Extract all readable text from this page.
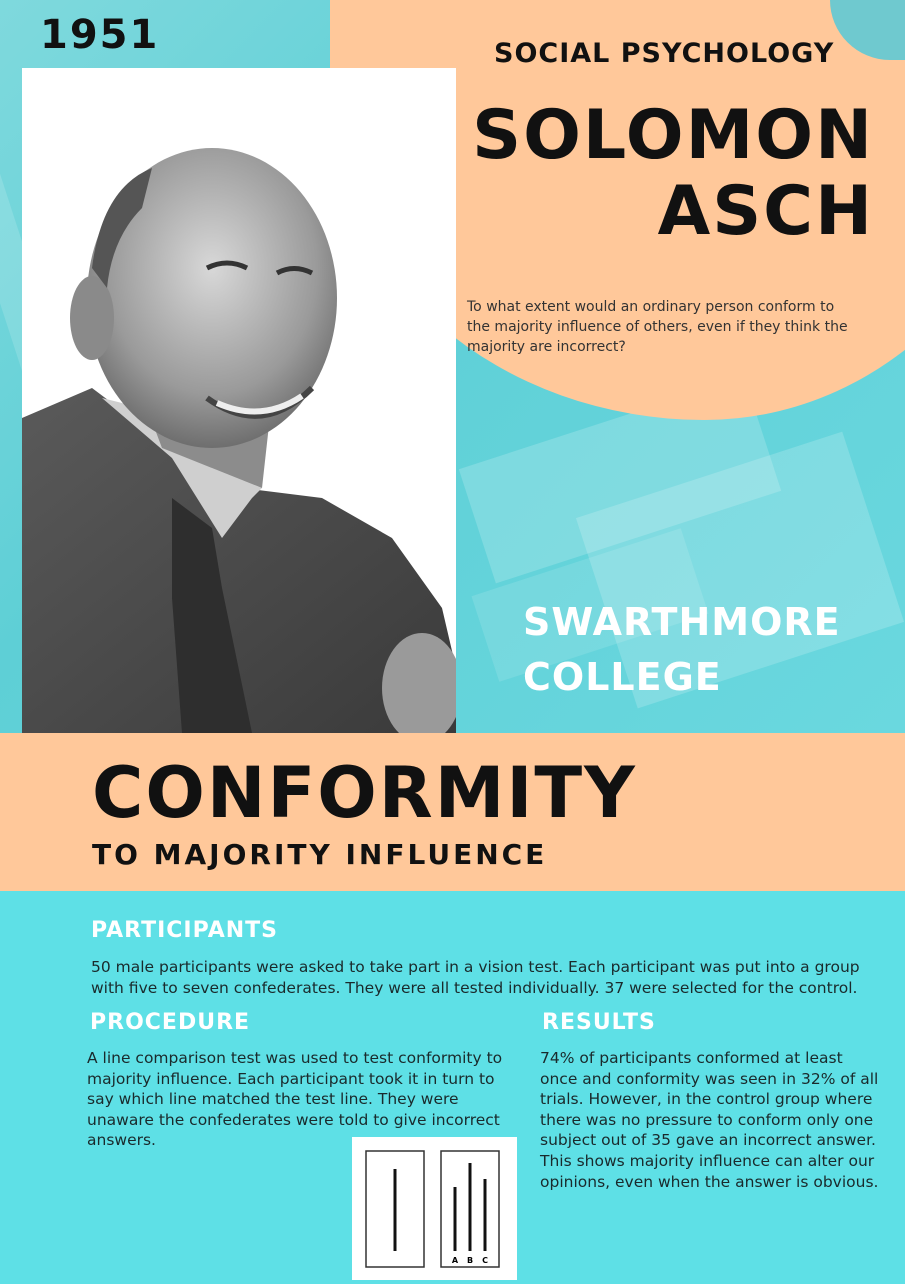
1951	SOCIAL PSYCHOLOGY
SOLOMON
ASCH
To what extent would an ordinary person conform to the majority influence of others, even if they think the majority are incorrect?
SWARTHMORE
COLLEGE
CONFORMITY
TO MAJORITY INFLUENCE
PARTICIPANTS
50 male participants were asked to take part in a vision test. Each participant was put into a group with five to seven confederates. They were all tested individually. 37 were selected for the control.
PROCEDURE
A line comparison test was used to test conformity to majority influence. Each participant took it in turn to say which line matched the test line. They were unaware the confederates were told to give incorrect answers.
RESULTS
74% of participants conformed at least once and conformity was seen in 32% of all trials. However, in the control group where there was no pressure to conform only one subject out of 35 gave an incorrect answer. This shows majority influence can alter our opinions, even when the answer is obvious.
A B C
